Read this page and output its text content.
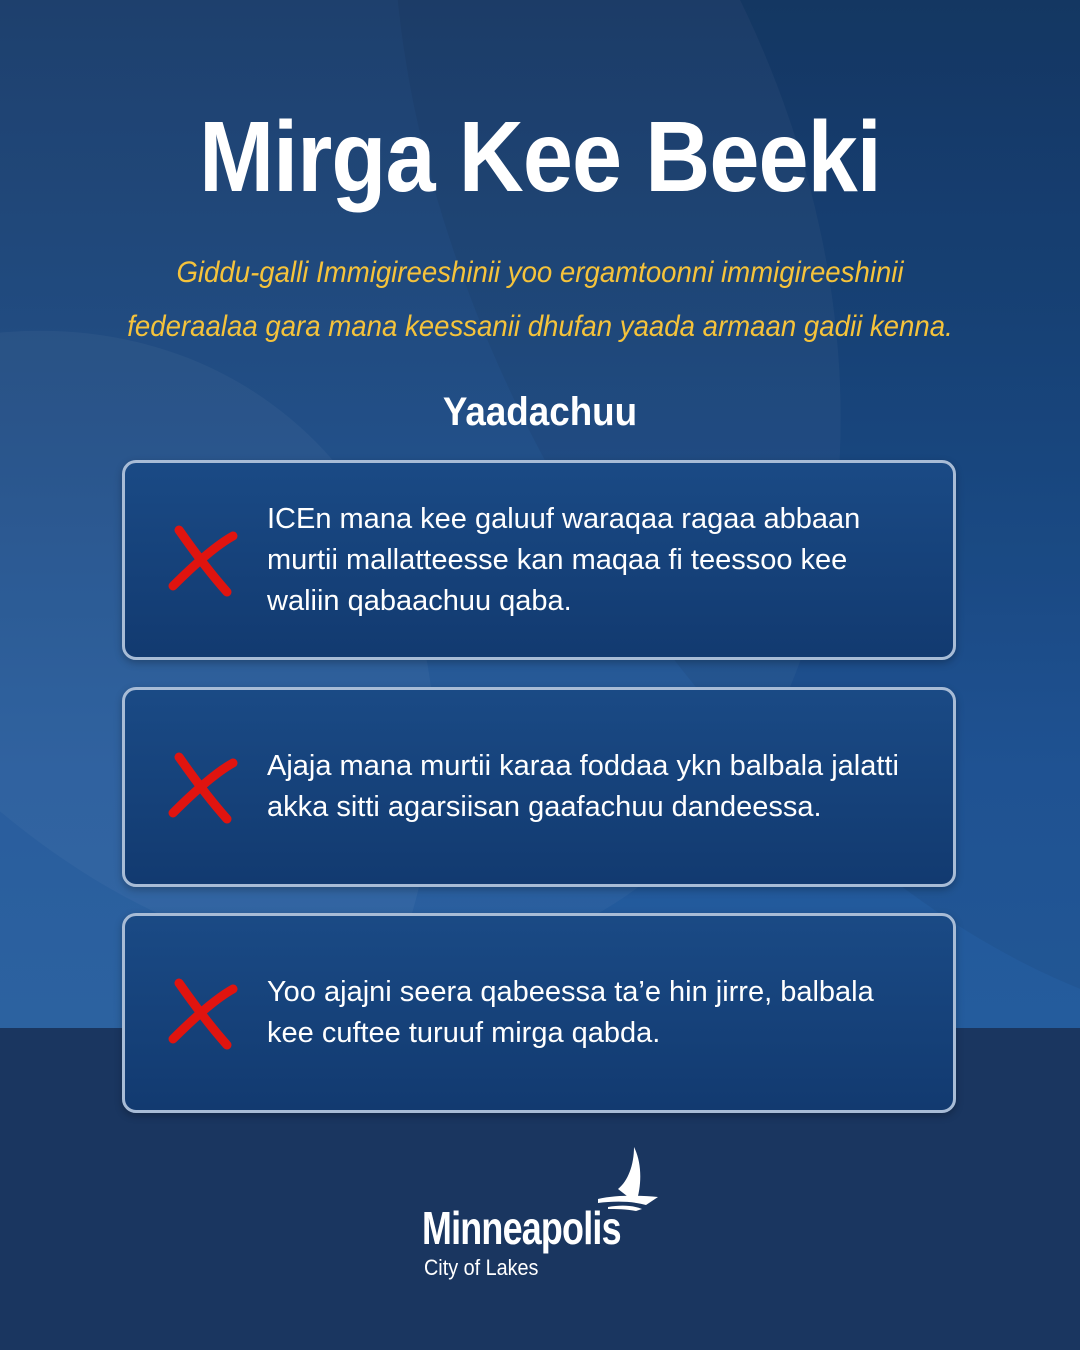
Mirga Kee Beeki
Giddu-galli Immigireeshinii yoo ergamtoonni immigireeshinii
federaalaa gara mana keessanii dhufan yaada armaan gadii kenna.
Yaadachuu
ICEn mana kee galuuf waraqaa ragaa abbaan murtii mallatteesse kan maqaa fi teessoo kee waliin qabaachuu qaba.
Ajaja mana murtii karaa foddaa ykn balbala jalatti akka sitti agarsiisan gaafachuu dandeessa.
Yoo ajajni seera qabeessa ta’e hin jirre, balbala kee cuftee turuuf mirga qabda.
Minneapolis
City of Lakes
